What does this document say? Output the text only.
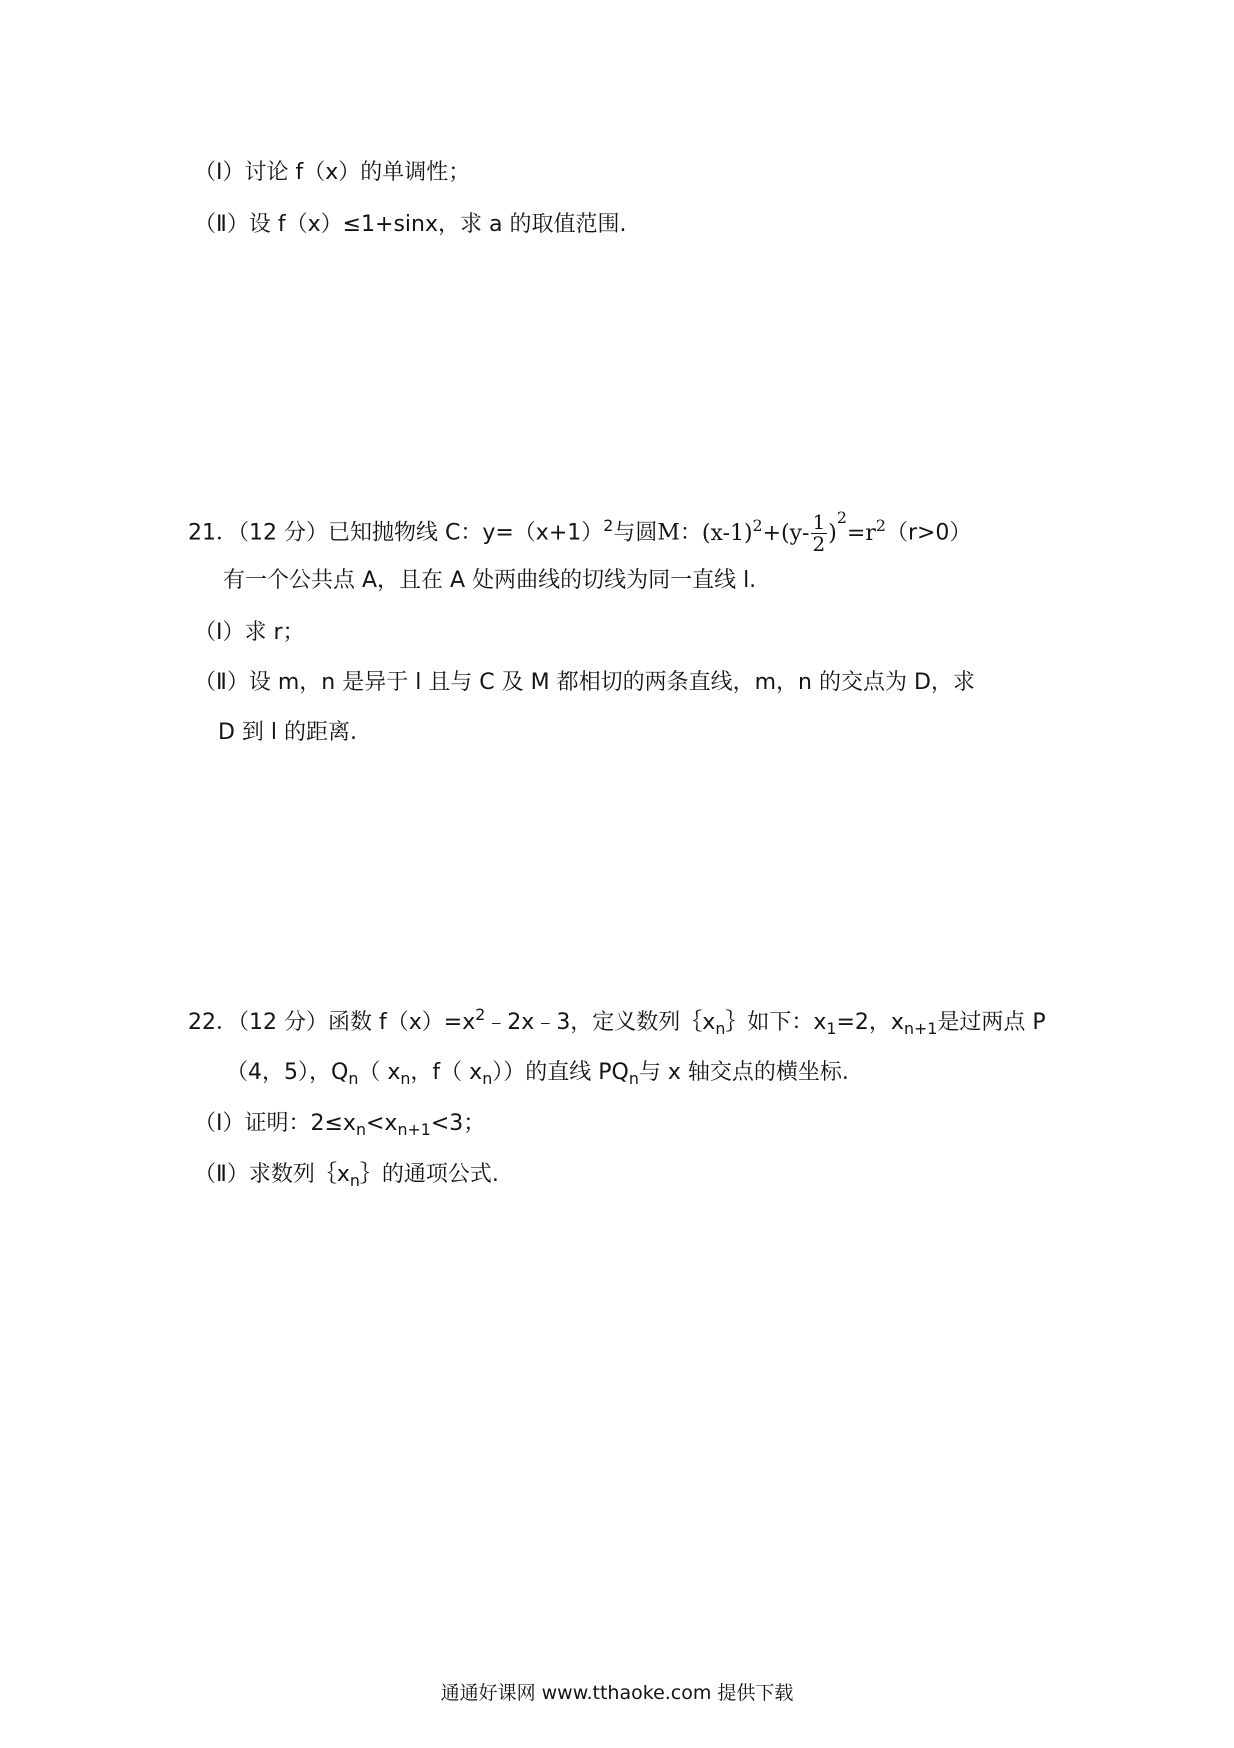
（Ⅰ）讨论 f（x）的单调性；
（Ⅱ）设 f（x）≤1+sinx，求 a 的取值范围.
21．（12 分）已知抛物线 C：$y=(x+1)^2$与圆M：$(x-1)^2+(y- \frac{1}{2} )^2=r^2(r>0)$
有一个公共点 A，且在 A 处两曲线的切线为同一直线 l.
（Ⅰ）求 r；
（Ⅱ）设 m，n 是异于 l 且与 C 及 M 都相切的两条直线，m，n 的交点为 D，求
D 到 l 的距离.
22．（12 分）函数 $f(x)=x^2﹣2x﹣3$，定义数列$\{x_n\}$如下：$x_1=2$，$x_{n+1}$是过两点 P
（4，5），$Q_n$（ $x_n$，f（ $x_n$））的直线 $PQ_n$与 x 轴交点的横坐标.
（Ⅰ）证明：$2\le x_n<x_{n+1}<3$；
（Ⅱ）求数列$\{x_n\}$的通项公式.
通通好课网 www.tthaoke.com 提供下载
